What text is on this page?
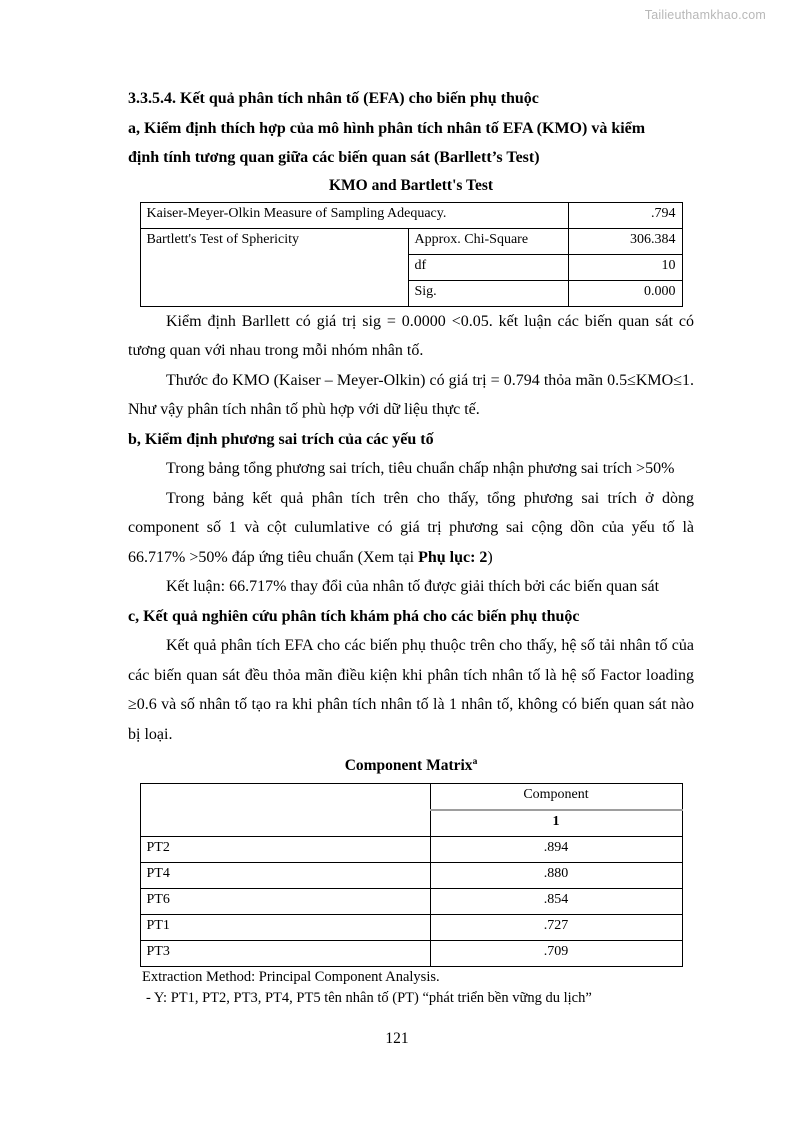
Tailieuthamkhao.com
3.3.5.4. Kết quả phân tích nhân tố (EFA) cho biến phụ thuộc
a, Kiểm định thích hợp của mô hình phân tích nhân tố EFA (KMO) và kiểm
định tính tương quan giữa các biến quan sát (Barllett’s Test)
KMO and Bartlett's Test
Kaiser-Meyer-Olkin Measure of Sampling Adequacy.		.794
Bartlett's Test of Sphericity	Approx. Chi-Square	306.384
	df	10
	Sig.	0.000

Kiểm định Barllett có giá trị sig = 0.0000 <0.05. kết luận các biến quan sát có tương quan với nhau trong mỗi nhóm nhân tố.

Thước đo KMO (Kaiser – Meyer-Olkin) có giá trị = 0.794 thỏa mãn 0.5≤KMO≤1. Như vậy phân tích nhân tố phù hợp với dữ liệu thực tế.

b, Kiểm định phương sai trích của các yếu tố

Trong bảng tổng phương sai trích, tiêu chuẩn chấp nhận phương sai trích >50%

Trong bảng kết quả phân tích trên cho thấy, tổng phương sai trích ở dòng component số 1 và cột culumlative có giá trị phương sai cộng dồn của yếu tố là 66.717% >50% đáp ứng tiêu chuẩn (Xem tại Phụ lục: 2)

Kết luận: 66.717% thay đổi của nhân tố được giải thích bởi các biến quan sát

c, Kết quả nghiên cứu phân tích khám phá cho các biến phụ thuộc

Kết quả phân tích EFA cho các biến phụ thuộc trên cho thấy, hệ số tải nhân tố của các biến quan sát đều thỏa mãn điều kiện khi phân tích nhân tố là hệ số Factor loading ≥0.6 và số nhân tố tạo ra khi phân tích nhân tố là 1 nhân tố, không có biến quan sát nào bị loại.

Component Matrix$^a$
	Component
	1
PT2	.894
PT4	.880
PT6	.854
PT1	.727
PT3	.709

Extraction Method: Principal Component Analysis.

- Y: PT1, PT2, PT3, PT4, PT5 tên nhân tố (PT) “phát triển bền vững du lịch”

121
